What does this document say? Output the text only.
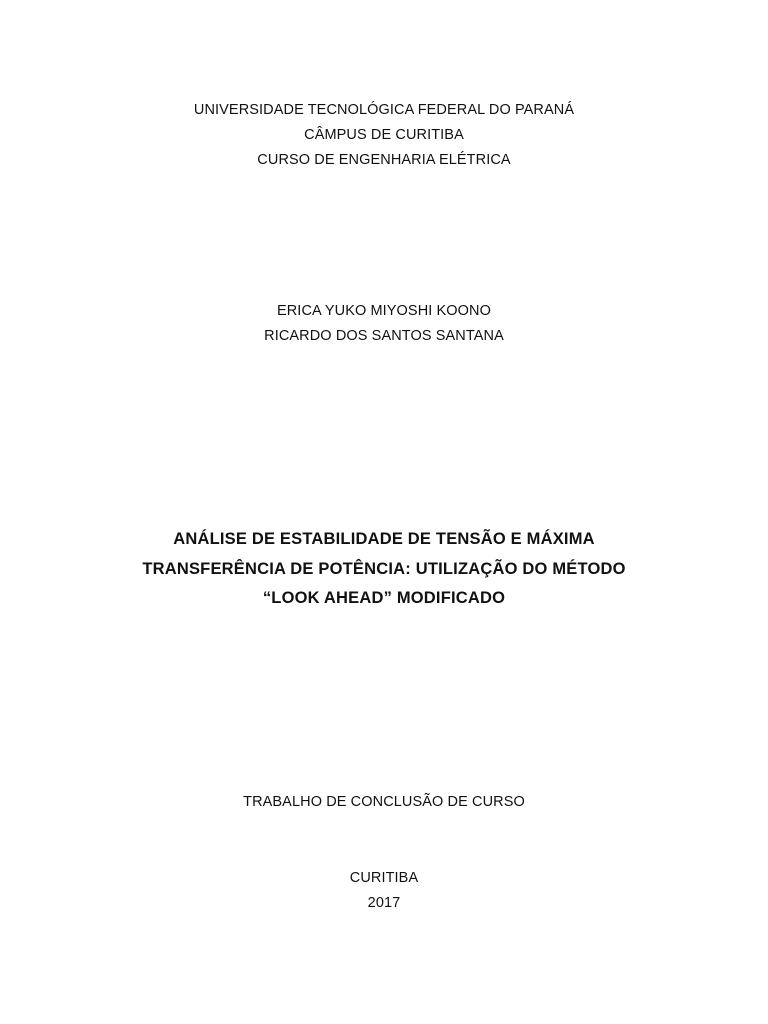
UNIVERSIDADE TECNOLÓGICA FEDERAL DO PARANÁ
CÂMPUS DE CURITIBA
CURSO DE ENGENHARIA ELÉTRICA
ERICA YUKO MIYOSHI KOONO
RICARDO DOS SANTOS SANTANA
ANÁLISE DE ESTABILIDADE DE TENSÃO E MÁXIMA
TRANSFERÊNCIA DE POTÊNCIA: UTILIZAÇÃO DO MÉTODO
“LOOK AHEAD” MODIFICADO
TRABALHO DE CONCLUSÃO DE CURSO
CURITIBA
2017
